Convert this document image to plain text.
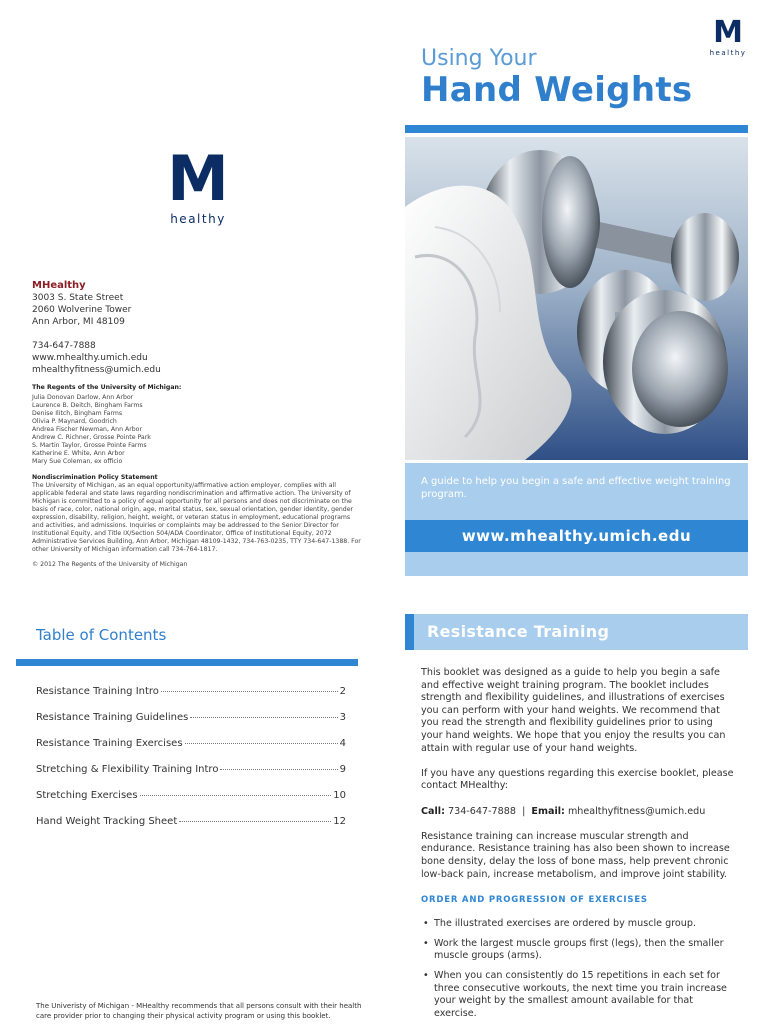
M
healthy
M
healthy
MHealthy
3003 S. State Street
2060 Wolverine Tower
Ann Arbor, MI 48109
734-647-7888
www.mhealthy.umich.edu
mhealthyfitness@umich.edu
The Regents of the University of Michigan:
Julia Donovan Darlow, Ann Arbor
Laurence B. Deitch, Bingham Farms
Denise Ilitch, Bingham Farms
Olivia P. Maynard, Goodrich
Andrea Fischer Newman, Ann Arbor
Andrew C. Richner, Grosse Pointe Park
S. Martin Taylor, Grosse Pointe Farms
Katherine E. White, Ann Arbor
Mary Sue Coleman, ex officio
Nondiscrimination Policy Statement
The University of Michigan, as an equal opportunity/affirmative action employer, complies with all applicable federal and state laws regarding nondiscrimination and affirmative action. The University of Michigan is committed to a policy of equal opportunity for all persons and does not discriminate on the basis of race, color, national origin, age, marital status, sex, sexual orientation, gender identity, gender expression, disability, religion, height, weight, or veteran status in employment, educational programs and activities, and admissions. Inquiries or complaints may be addressed to the Senior Director for Institutional Equity, and Title IX/Section 504/ADA Coordinator, Office of Institutional Equity, 2072 Administrative Services Building, Ann Arbor, Michigan 48109-1432, 734-763-0235, TTY 734-647-1388. For other University of Michigan information call 734-764-1817.
© 2012 The Regents of the University of Michigan
Using Your
Hand Weights
A guide to help you begin a safe and effective weight training program.
www.mhealthy.umich.edu
Table of Contents
Resistance Training Intro	2
Resistance Training Guidelines	3
Resistance Training Exercises	4
Stretching & Flexibility Training Intro	9
Stretching Exercises	10
Hand Weight Tracking Sheet	12
The Univeristy of Michigan - MHealthy recommends that all persons consult with their health care provider prior to changing their physical activity program or using this booklet.
Resistance Training

This booklet was designed as a guide to help you begin a safe and effective weight training program. The booklet includes strength and flexibility guidelines, and illustrations of exercises you can perform with your hand weights. We recommend that you read the strength and flexibility guidelines prior to using your hand weights. We hope that you enjoy the results you can attain with regular use of your hand weights.

If you have any questions regarding this exercise booklet, please contact MHealthy:

Call: 734-647-7888 | Email: mhealthyfitness@umich.edu

Resistance training can increase muscular strength and endurance. Resistance training has also been shown to increase bone density, delay the loss of bone mass, help prevent chronic low-back pain, increase metabolism, and improve joint stability.

ORDER AND PROGRESSION OF EXERCISES
• The illustrated exercises are ordered by muscle group.
• Work the largest muscle groups first (legs), then the smaller muscle groups (arms).
• When you can consistently do 15 repetitions in each set for three consecutive workouts, the next time you train increase your weight by the smallest amount available for that exercise.
